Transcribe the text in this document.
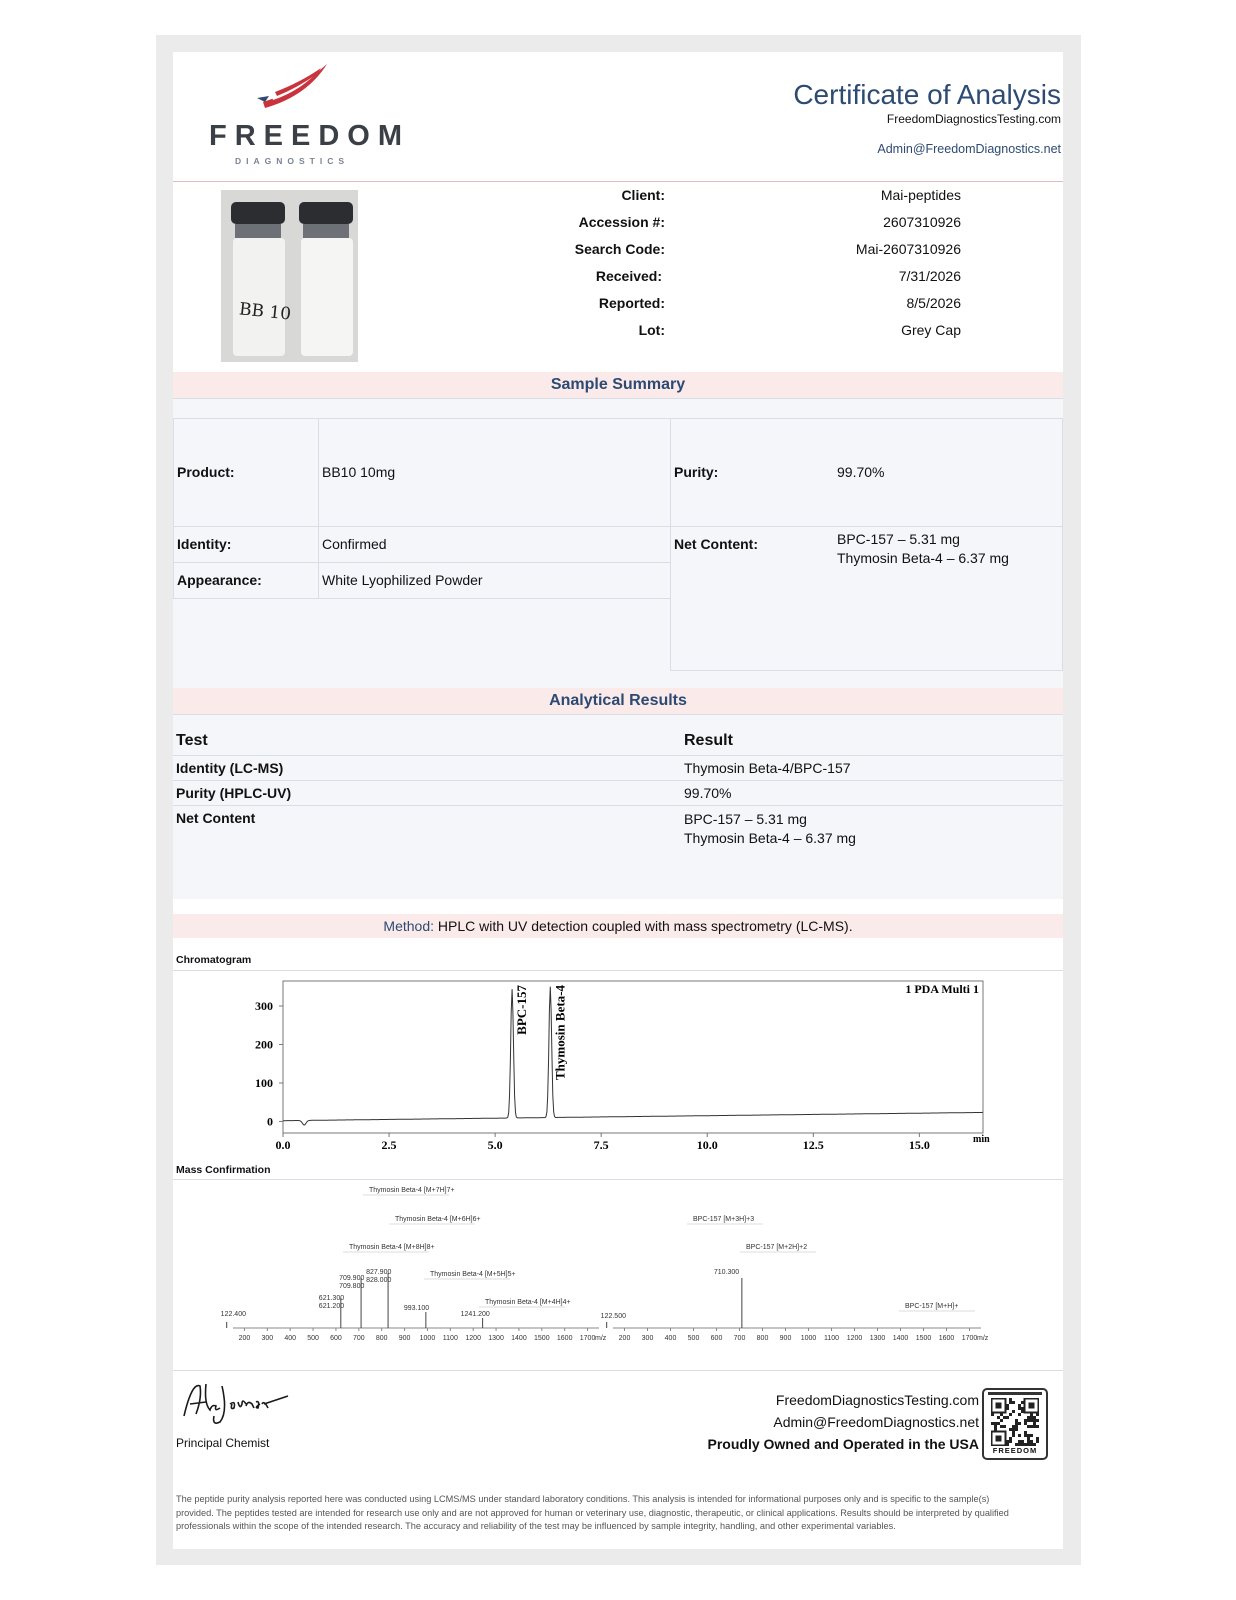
FREEDOM
DIAGNOSTICS
Certificate of Analysis
FreedomDiagnosticsTesting.com
Admin@FreedomDiagnostics.net
BB 10
Client:	Mai-peptides
Accession #:	2607310926
Search Code:	Mai-2607310926
Received:	7/31/2026
Reported:	8/5/2026
Lot:	Grey Cap
Sample Summary
Product:	BB10 10mg	Purity:	99.70%
Identity:	Confirmed	Net Content:	BPC-157 – 5.31 mg
Thymosin Beta-4 – 6.37 mg
Appearance:	White Lyophilized Powder
Analytical Results
Test	Result
Identity (LC-MS)	Thymosin Beta-4/BPC-157
Purity (HPLC-UV)	99.70%
Net Content	BPC-157 – 5.31 mg
Thymosin Beta-4 – 6.37 mg
Method: HPLC with UV detection coupled with mass spectrometry (LC-MS).
Chromatogram
0.0	2.5	5.0	7.5	10.0	12.5	15.0
0
100
200
300
1 PDA Multi 1
min
BPC-157 Thymosin Beta-4
Mass Confirmation
200 300 400 500 600 700 800 900 1000 1100 1200 1300 1400 1500 1600 1700 m/z 200 300 400 500 600 700 800 900 1000 1100 1200 1300 1400 1500 1600 1700 m/z
122.400
621.300
621.200
709.900
709.800
827.900
828.000
993.100
1241.200
Thymosin Beta-4 [M+7H]7+
Thymosin Beta-4 [M+6H]6+
Thymosin Beta-4 [M+8H]8+
Thymosin Beta-4 [M+5H]5+
Thymosin Beta-4 [M+4H]4+
122.500
710.300
BPC-157 [M+3H]+3
BPC-157 [M+2H]+2
BPC-157 [M+H]+
Principal Chemist
FreedomDiagnosticsTesting.com
Admin@FreedomDiagnostics.net
Proudly Owned and Operated in the USA	FREEDOM
The peptide purity analysis reported here was conducted using LCMS/MS under standard laboratory conditions. This analysis is intended for informational purposes only and is specific to the sample(s) provided. The peptides tested are intended for research use only and are not approved for human or veterinary use, diagnostic, therapeutic, or clinical applications. Results should be interpreted by qualified professionals within the scope of the intended research. The accuracy and reliability of the test may be influenced by sample integrity, handling, and other experimental variables.
